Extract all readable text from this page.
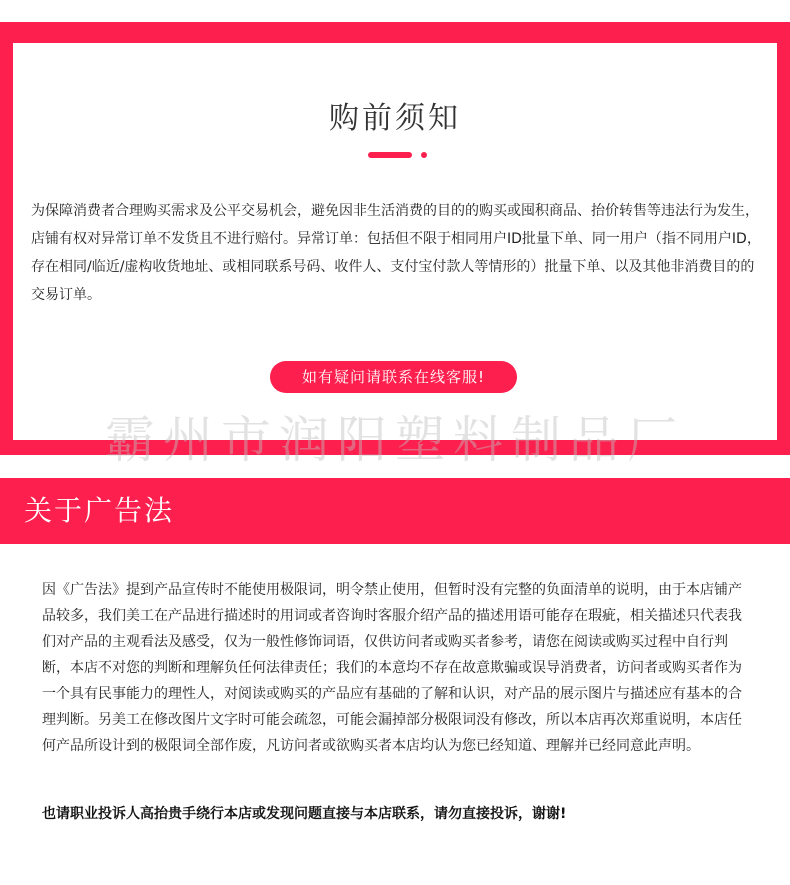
购前须知

为保障消费者合理购买需求及公平交易机会，避免因非生活消费的目的的购买或囤积商品、抬价转售等违法行为发生，店铺有权对异常订单不发货且不进行赔付。异常订单：包括但不限于相同用户ID批量下单、同一用户（指不同用户ID，存在相同/临近/虚构收货地址、或相同联系号码、收件人、支付宝付款人等情形的）批量下单、以及其他非消费目的的交易订单。

如有疑问请联系在线客服!
霸州市润阳塑料制品厂
关于广告法

因《广告法》提到产品宣传时不能使用极限词，明令禁止使用，但暂时没有完整的负面清单的说明，由于本店铺产品较多，我们美工在产品进行描述时的用词或者咨询时客服介绍产品的描述用语可能存在瑕疵，相关描述只代表我们对产品的主观看法及感受，仅为一般性修饰词语，仅供访问者或购买者参考，请您在阅读或购买过程中自行判断，本店不对您的判断和理解负任何法律责任；我们的本意均不存在故意欺骗或误导消费者，访问者或购买者作为一个具有民事能力的理性人，对阅读或购买的产品应有基础的了解和认识，对产品的展示图片与描述应有基本的合理判断。另美工在修改图片文字时可能会疏忽，可能会漏掉部分极限词没有修改，所以本店再次郑重说明，本店任何产品所设计到的极限词全部作废，凡访问者或欲购买者本店均认为您已经知道、理解并已经同意此声明。

也请职业投诉人高抬贵手绕行本店或发现问题直接与本店联系，请勿直接投诉，谢谢!
